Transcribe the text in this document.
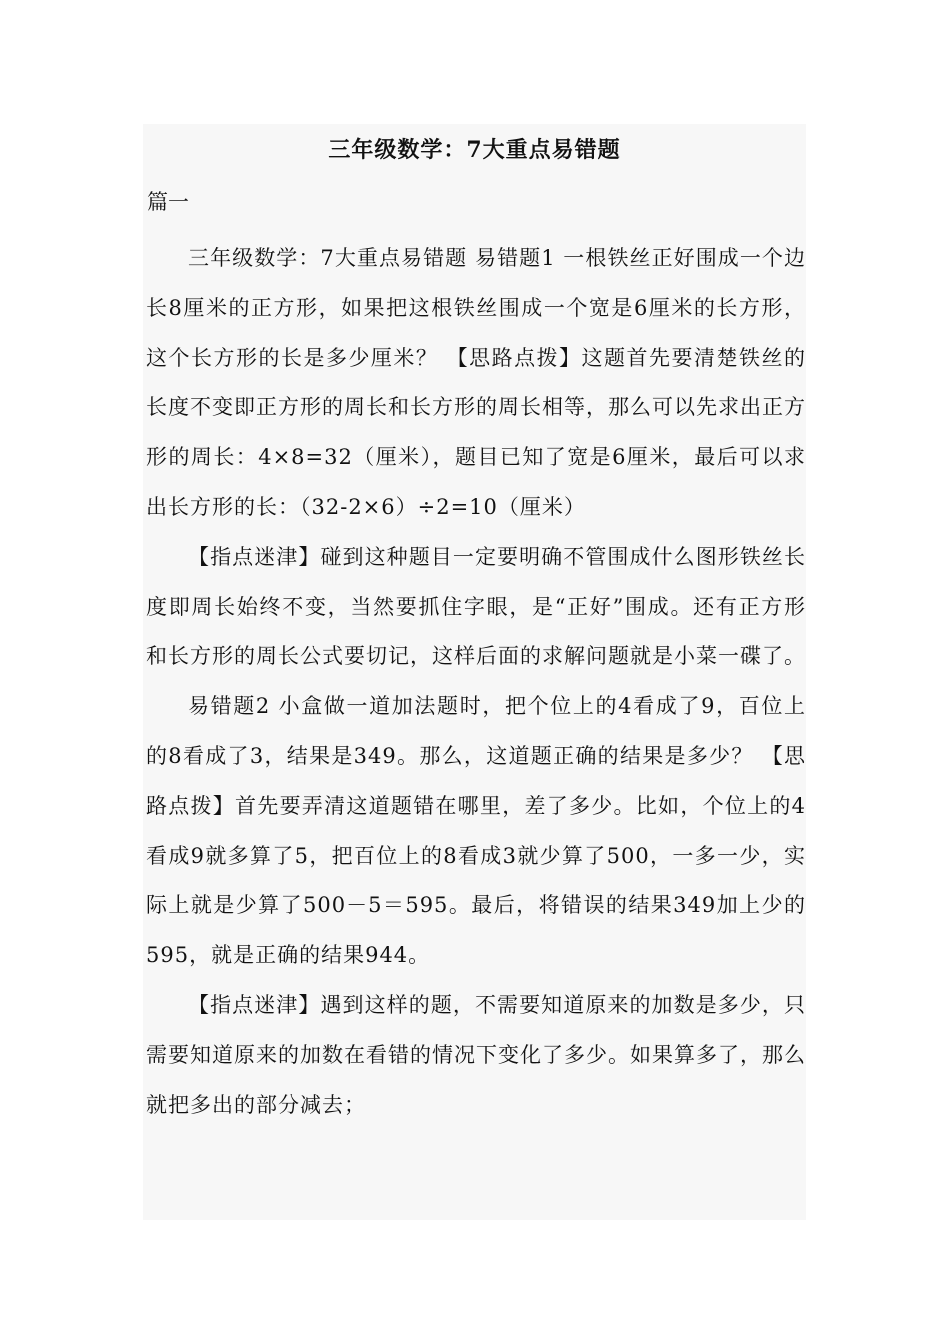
三年级数学：7大重点易错题
篇一

三年级数学：7大重点易错题 易错题1 一根铁丝正好围成一个边长8厘米的正方形，如果把这根铁丝围成一个宽是6厘米的长方形，这个长方形的长是多少厘米？ 【思路点拨】这题首先要清楚铁丝的长度不变即正方形的周长和长方形的周长相等，那么可以先求出正方形的周长：4×8=32（厘米），题目已知了宽是6厘米，最后可以求出长方形的长：（32-2×6）÷2=10（厘米）

【指点迷津】碰到这种题目一定要明确不管围成什么图形铁丝长度即周长始终不变，当然要抓住字眼，是“正好”围成。还有正方形和长方形的周长公式要切记，这样后面的求解问题就是小菜一碟了。

易错题2 小盒做一道加法题时，把个位上的4看成了9，百位上的8看成了3，结果是349。那么，这道题正确的结果是多少？ 【思路点拨】首先要弄清这道题错在哪里，差了多少。比如，个位上的4看成9就多算了5，把百位上的8看成3就少算了500，一多一少，实际上就是少算了500－5＝595。最后，将错误的结果349加上少的595，就是正确的结果944。

【指点迷津】遇到这样的题，不需要知道原来的加数是多少，只需要知道原来的加数在看错的情况下变化了多少。如果算多了，那么就把多出的部分减去；
